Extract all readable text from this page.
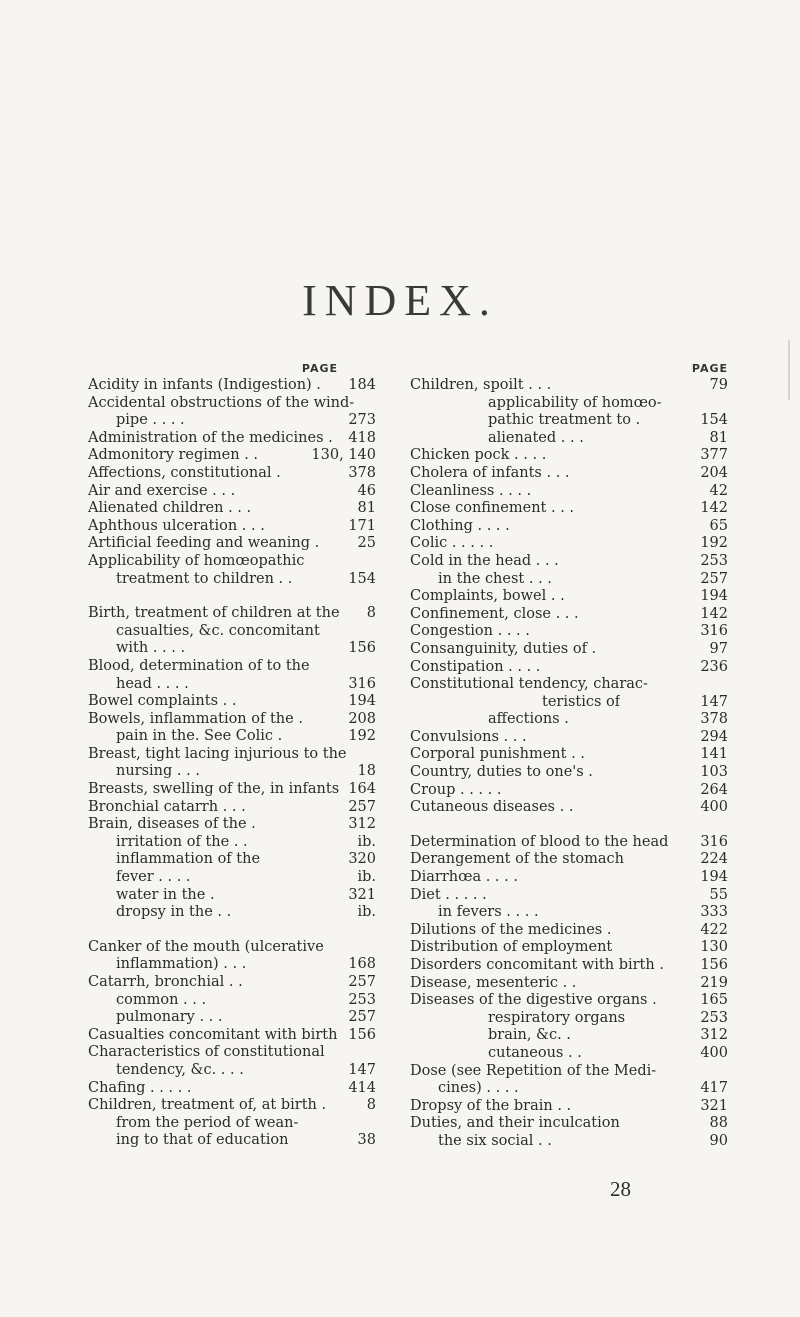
INDEX.
PAGE
Acidity in infants (Indigestion) . 184
Accidental obstructions of the wind-
pipe . . . .	273
Administration of the medicines . 418
Admonitory regimen . .	130, 140
Affections, constitutional .	378
Air and exercise . . .	46
Alienated children . . .	81
Aphthous ulceration . . .	171
Artificial feeding and weaning .	25
Applicability of homœopathic
treatment to children . .	154
Birth, treatment of children at the 8
casualties, &c. concomitant
with . . . .	156
Blood, determination of to the
head . . . .	316
Bowel complaints . .	194
Bowels, inflammation of the .	208
pain in the. See Colic .	192
Breast, tight lacing injurious to the
nursing . . .	18
Breasts, swelling of the, in infants 164
Bronchial catarrh . . .	257
Brain, diseases of the .	312
irritation of the . .	ib.
inflammation of the	320
fever . . . .	ib.
water in the .	321
dropsy in the . .	ib.
Canker of the mouth (ulcerative
inflammation) . . .	168
Catarrh, bronchial . .	257
common . . .	253
pulmonary . . .	257
Casualties concomitant with birth 156
Characteristics of constitutional
tendency, &c. . . .	147
Chafing . . . . .	414
Children, treatment of, at birth .	8
from the period of wean-
ing to that of education	38
PAGE
Children, spoilt . . .	79
applicability of homœo-
pathic treatment to .	154
alienated . . .	81
Chicken pock . . . .	377
Cholera of infants . . .	204
Cleanliness . . . .	42
Close confinement . . .	142
Clothing . . . .	65
Colic . . . . .	192
Cold in the head . . .	253
in the chest . . .	257
Complaints, bowel . .	194
Confinement, close . . .	142
Congestion . . . .	316
Consanguinity, duties of .	97
Constipation . . . .	236
Constitutional tendency, charac-
teristics of	147
affections .	378
Convulsions . . .	294
Corporal punishment . .	141
Country, duties to one's .	103
Croup . . . . .	264
Cutaneous diseases . .	400
Determination of blood to the head 316
Derangement of the stomach	224
Diarrhœa . . . .	194
Diet . . . . .	55
in fevers . . . .	333
Dilutions of the medicines .	422
Distribution of employment	130
Disorders concomitant with birth .	156
Disease, mesenteric . .	219
Diseases of the digestive organs .	165
respiratory organs	253
brain, &c. .	312
cutaneous . .	400
Dose (see Repetition of the Medi-
cines) . . . .	417
Dropsy of the brain . .	321
Duties, and their inculcation	88
the six social . .	90
28
